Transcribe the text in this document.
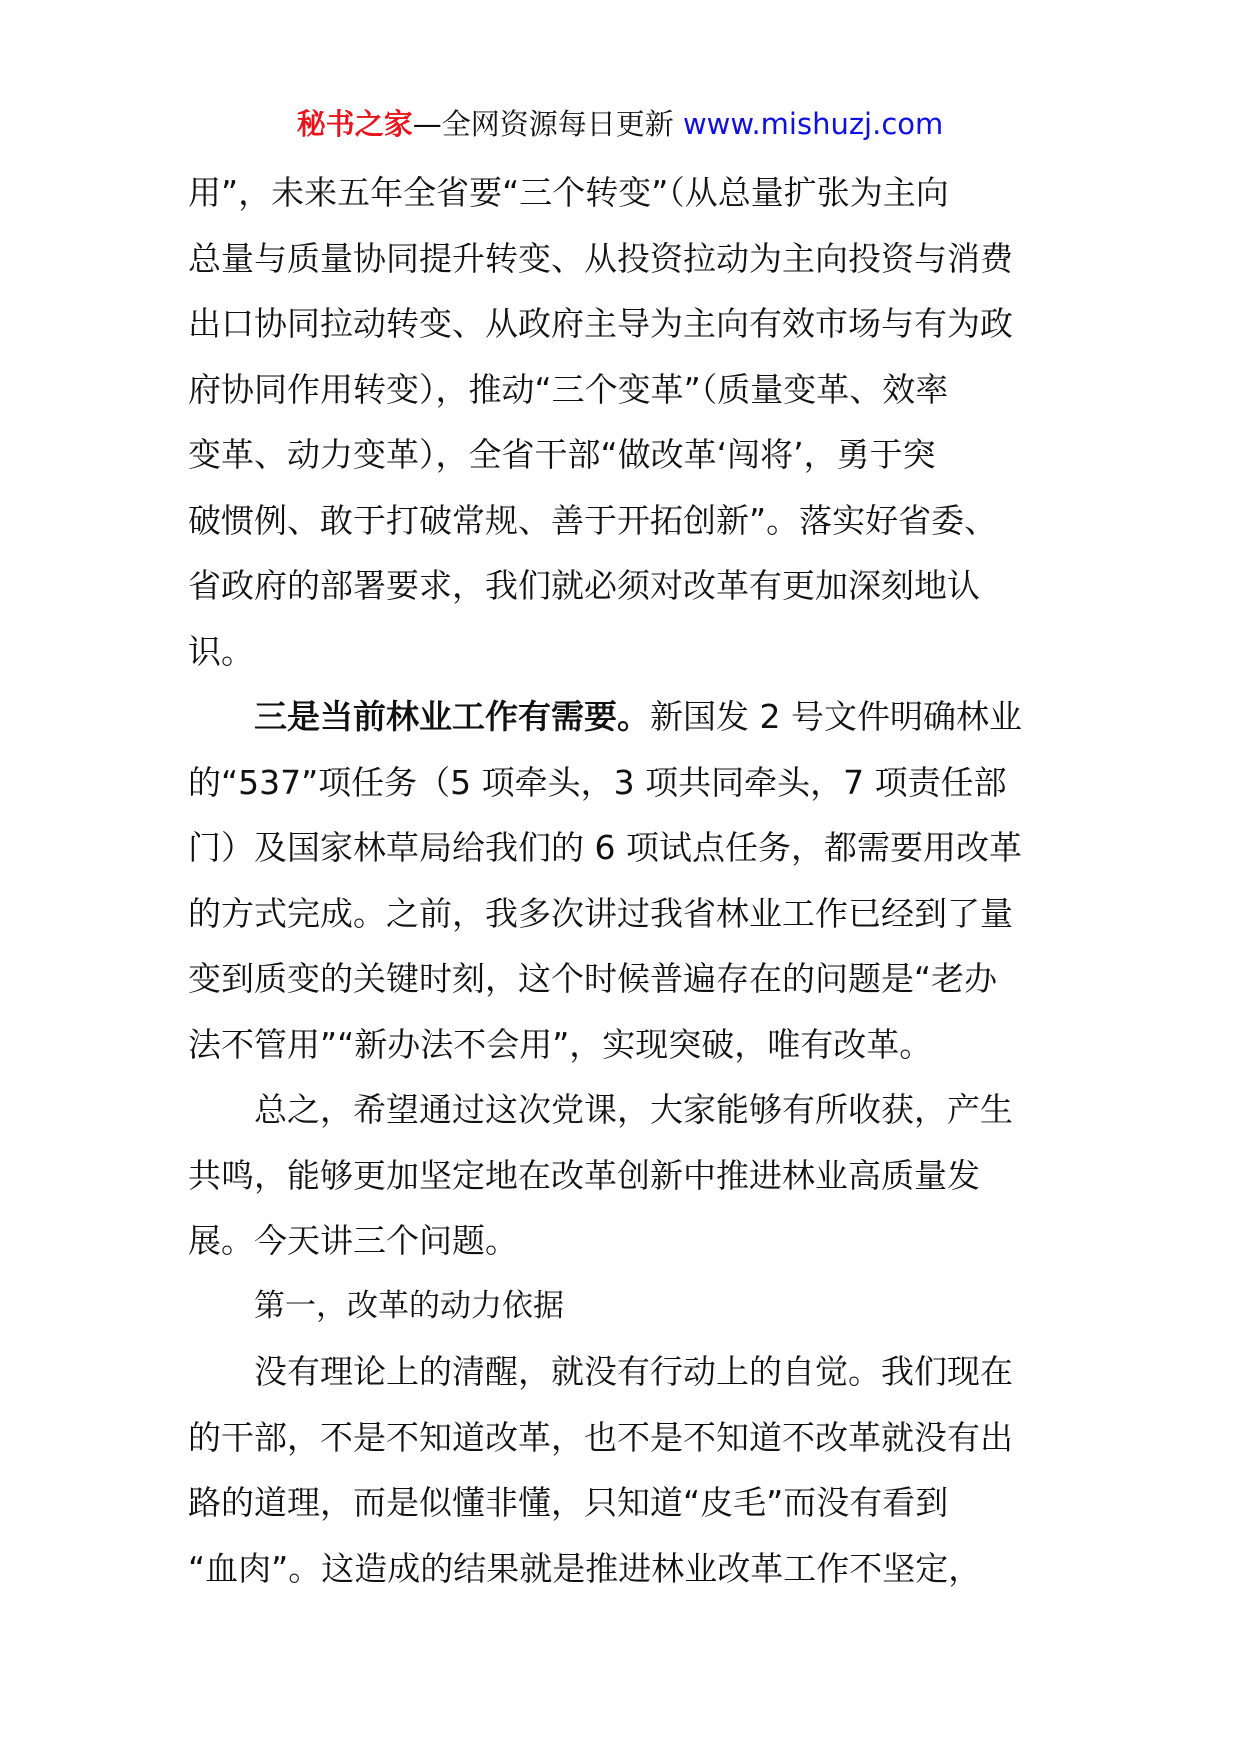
秘书之家—全网资源每日更新 www.mishuzj.com
用”，未来五年全省要“三个转变”（从总量扩张为主向
总量与质量协同提升转变、从投资拉动为主向投资与消费
出口协同拉动转变、从政府主导为主向有效市场与有为政
府协同作用转变），推动“三个变革”（质量变革、效率
变革、动力变革），全省干部“做改革‘闯将’，勇于突
破惯例、敢于打破常规、善于开拓创新”。落实好省委、
省政府的部署要求，我们就必须对改革有更加深刻地认
识。
三是当前林业工作有需要。新国发 2 号文件明确林业
的“537”项任务（5 项牵头，3 项共同牵头，7 项责任部
门）及国家林草局给我们的 6 项试点任务，都需要用改革
的方式完成。之前，我多次讲过我省林业工作已经到了量
变到质变的关键时刻，这个时候普遍存在的问题是“老办
法不管用”“新办法不会用”，实现突破，唯有改革。
总之，希望通过这次党课，大家能够有所收获，产生
共鸣，能够更加坚定地在改革创新中推进林业高质量发
展。今天讲三个问题。
第一，改革的动力依据
没有理论上的清醒，就没有行动上的自觉。我们现在
的干部，不是不知道改革，也不是不知道不改革就没有出
路的道理，而是似懂非懂，只知道“皮毛”而没有看到
“血肉”。这造成的结果就是推进林业改革工作不坚定，
